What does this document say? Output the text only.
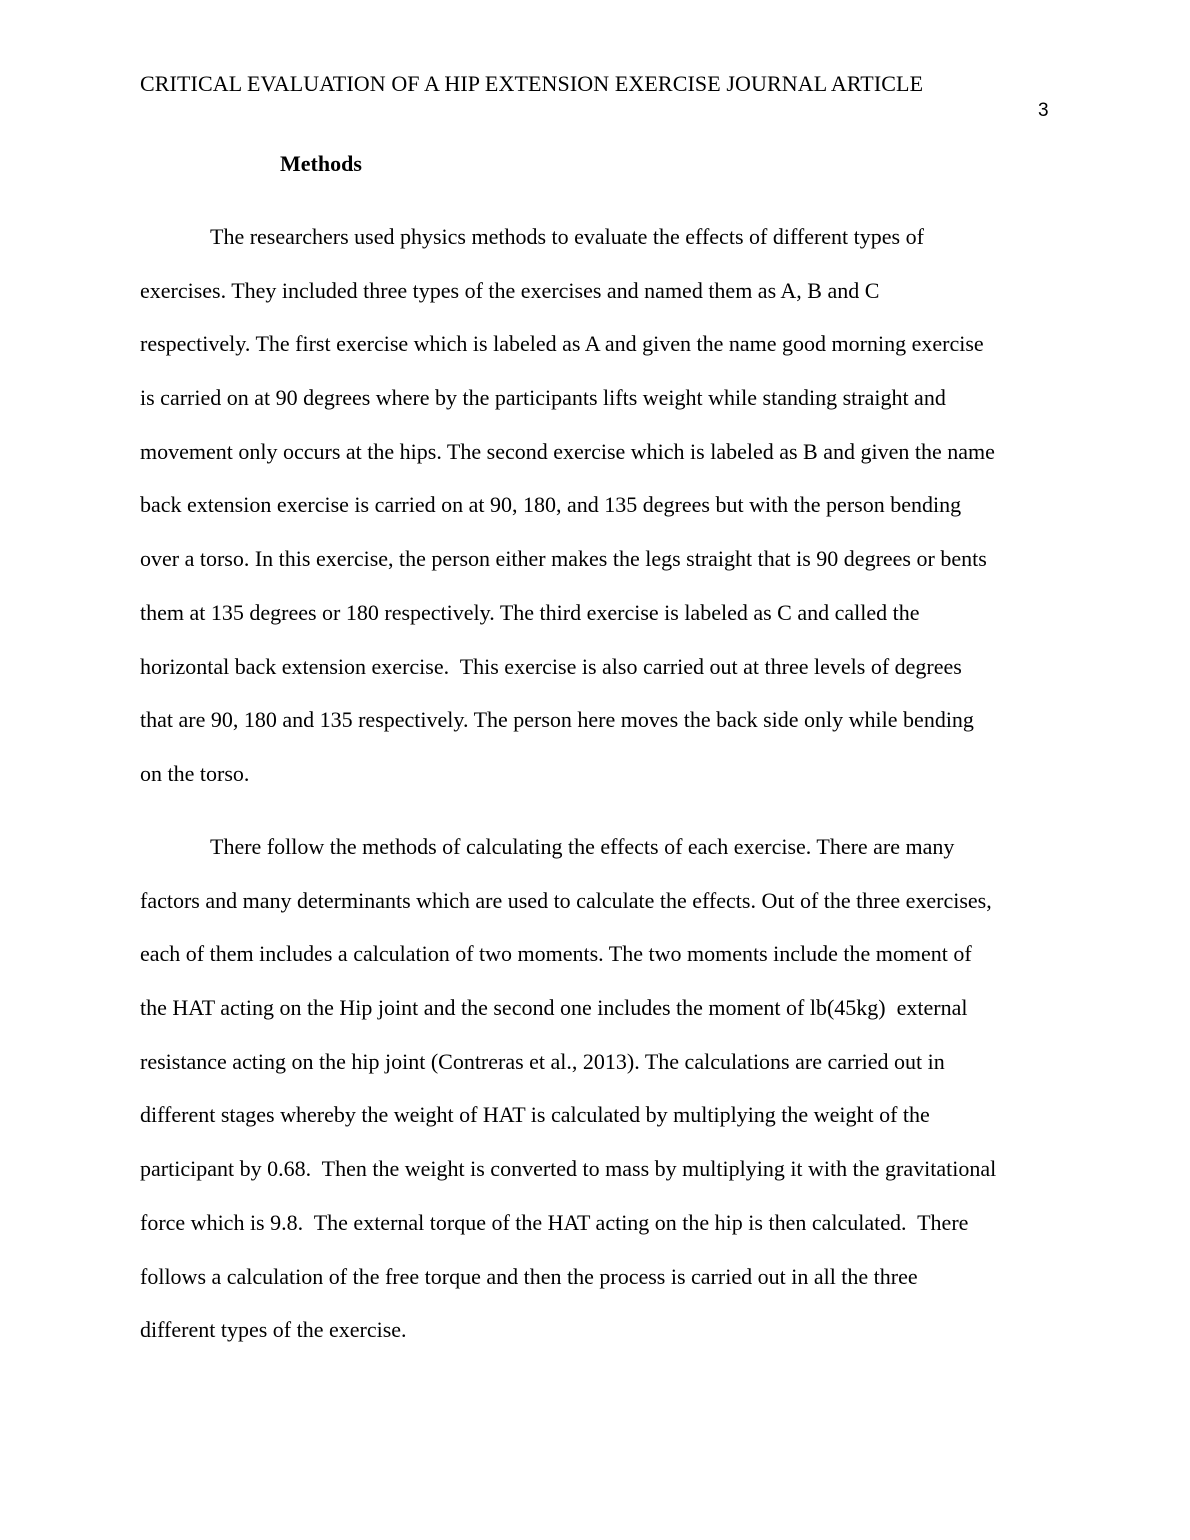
CRITICAL EVALUATION OF A HIP EXTENSION EXERCISE JOURNAL ARTICLE
3
Methods
The researchers used physics methods to evaluate the effects of different types of
exercises. They included three types of the exercises and named them as A, B and C
respectively. The first exercise which is labeled as A and given the name good morning exercise
is carried on at 90 degrees where by the participants lifts weight while standing straight and
movement only occurs at the hips. The second exercise which is labeled as B and given the name
back extension exercise is carried on at 90, 180, and 135 degrees but with the person bending
over a torso. In this exercise, the person either makes the legs straight that is 90 degrees or bents
them at 135 degrees or 180 respectively. The third exercise is labeled as C and called the
horizontal back extension exercise.  This exercise is also carried out at three levels of degrees
that are 90, 180 and 135 respectively. The person here moves the back side only while bending
on the torso.
There follow the methods of calculating the effects of each exercise. There are many
factors and many determinants which are used to calculate the effects. Out of the three exercises,
each of them includes a calculation of two moments. The two moments include the moment of
the HAT acting on the Hip joint and the second one includes the moment of lb(45kg)  external
resistance acting on the hip joint (Contreras et al., 2013). The calculations are carried out in
different stages whereby the weight of HAT is calculated by multiplying the weight of the
participant by 0.68.  Then the weight is converted to mass by multiplying it with the gravitational
force which is 9.8.  The external torque of the HAT acting on the hip is then calculated.  There
follows a calculation of the free torque and then the process is carried out in all the three
different types of the exercise.
